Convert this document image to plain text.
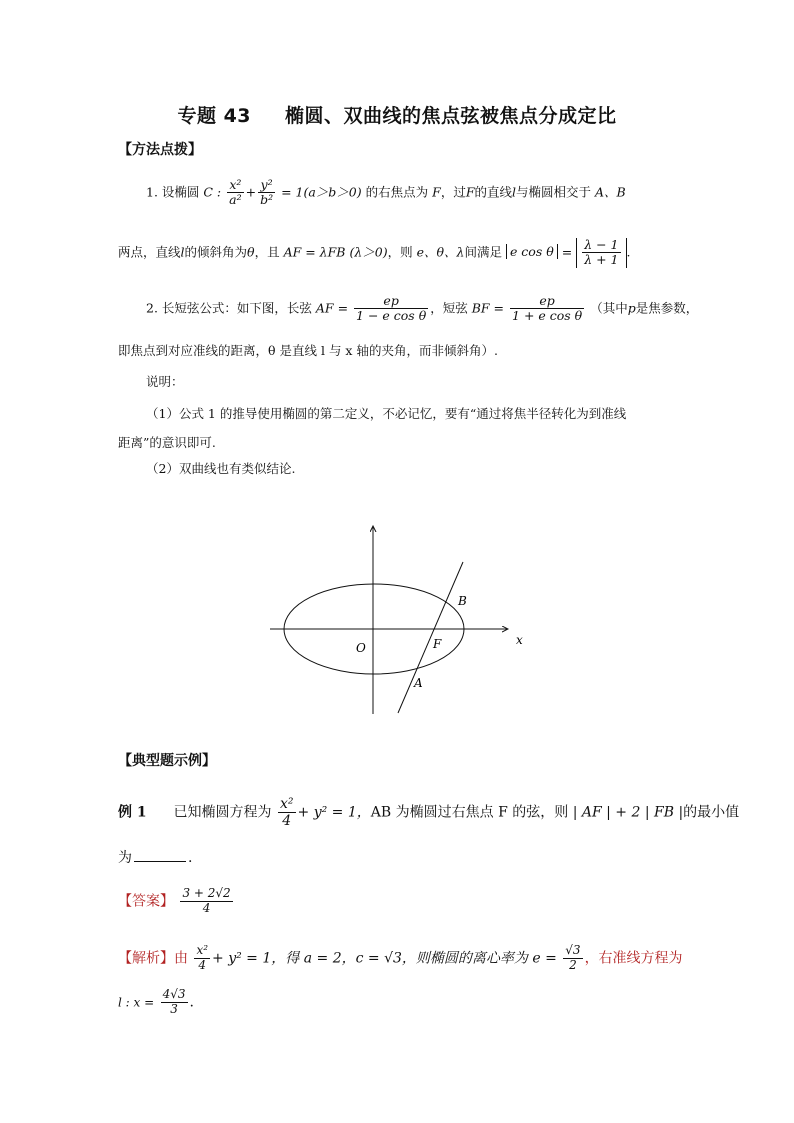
专题 43 椭圆、双曲线的焦点弦被焦点分成定比
【方法点拨】
1. 设椭圆 C : $\frac{\text{x²}}{\text{a²}} + \frac{\text{y²}}{\text{b²}} = 1(a>b>0)$ 的右焦点为 F，过F的直线l与椭圆相交于 A、B
两点，直线l的倾斜角为θ，且 AF = λFB (λ＞0)，则 e、θ、λ间满足 e $\cos \theta = \frac{\lambda - 1}{\lambda + 1}$ .
2. 长短弦公式：如下图，长弦 AF = $\frac{ep}{\text{1 − e cos θ}}$ ，短弦 BF = $\frac{ep}{\text{1 + e cos θ}}$ （其中p是焦参数，
即焦点到对应准线的距离，θ 是直线 l 与 x 轴的夹角，而非倾斜角）.
说明：
（1）公式 1 的推导使用椭圆的第二定义，不必记忆，要有“通过将焦半径转化为到准线
距离”的意识即可.
（2）双曲线也有类似结论.
B
x
O	F
A
【典型题示例】
例 1 已知椭圆方程为 $\frac{\text{x²}}{4} + y^2 = 1$，AB 为椭圆过右焦点 F 的弦，则 | AF | + 2 | FB |的最小值
为	.
【答案】 $\frac{3 + 2√2}{4}$
【解析】由 $\frac{\text{x²}}{4} + y^2 = 1$，得 a = 2，c = √3，则椭圆的离心率为 $e = \frac{√3}{2}$ ，右准线方程为
l : $x = \frac{4√3}{3}$ .
